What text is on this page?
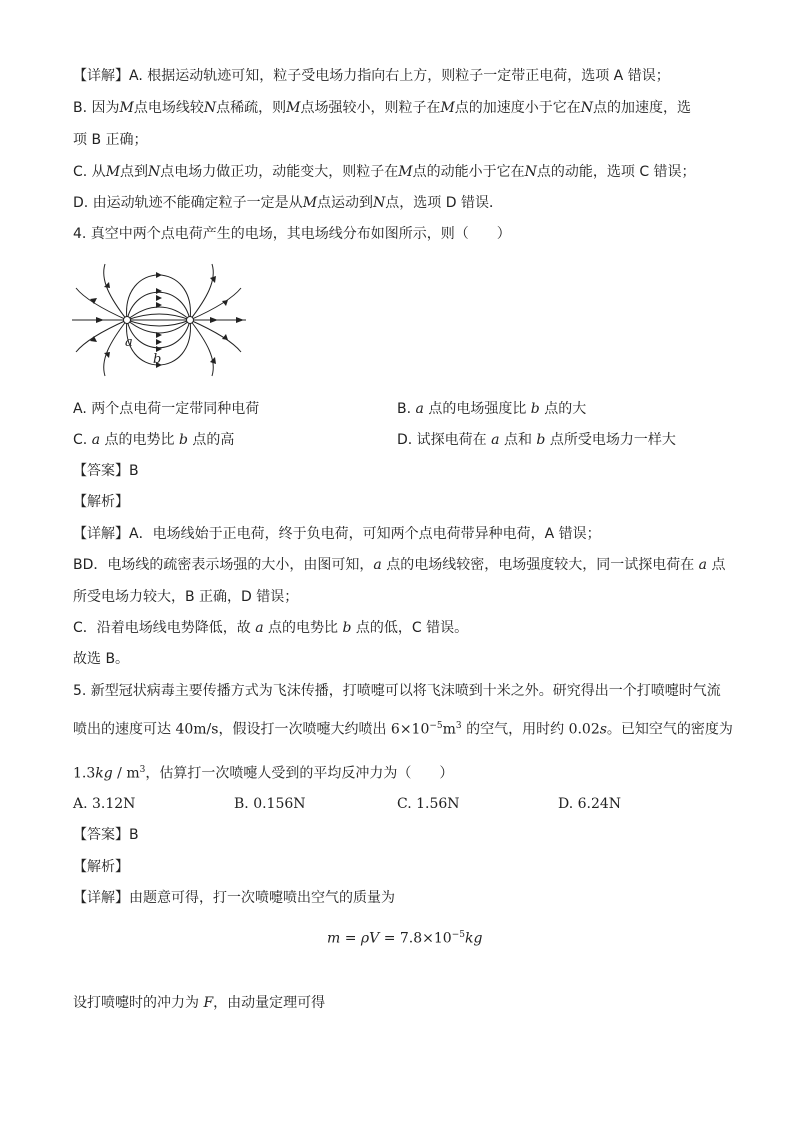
【详解】A. 根据运动轨迹可知，粒子受电场力指向右上方，则粒子一定带正电荷，选项 A 错误；
B. 因为M点电场线较N点稀疏，则M点场强较小，则粒子在M点的加速度小于它在N点的加速度，选
项 B 正确；
C. 从M点到N点电场力做正功，动能变大，则粒子在M点的动能小于它在N点的动能，选项 C 错误；
D. 由运动轨迹不能确定粒子一定是从M点运动到N点，选项 D 错误．
4. 真空中两个点电荷产生的电场，其电场线分布如图所示，则（　　）
a
b
A. 两个点电荷一定带同种电荷	B. a 点的电场强度比 b 点的大
C. a 点的电势比 b 点的高	D. 试探电荷在 a 点和 b 点所受电场力一样大
【答案】B
【解析】
【详解】A．电场线始于正电荷，终于负电荷，可知两个点电荷带异种电荷，A 错误；
BD．电场线的疏密表示场强的大小，由图可知，a 点的电场线较密，电场强度较大，同一试探电荷在 a 点
所受电场力较大，B 正确，D 错误；
C．沿着电场线电势降低，故 a 点的电势比 b 点的低，C 错误。
故选 B。
5. 新型冠状病毒主要传播方式为飞沫传播，打喷嚏可以将飞沫喷到十米之外。研究得出一个打喷嚏时气流
喷出的速度可达 40m/s，假设打一次喷嚏大约喷出 $6\times 10^{-5}m^3$ 的空气，用时约 0.02s。已知空气的密度为
$1.3kg / m^3$，估算打一次喷嚏人受到的平均反冲力为（　　）
A. 3.12N	B. 0.156N	C. 1.56N	D. 6.24N
【答案】B
【解析】
【详解】由题意可得，打一次喷嚏喷出空气的质量为
$m = \rho V = 7.8\times 10^{-5}kg$
设打喷嚏时的冲力为 F，由动量定理可得
